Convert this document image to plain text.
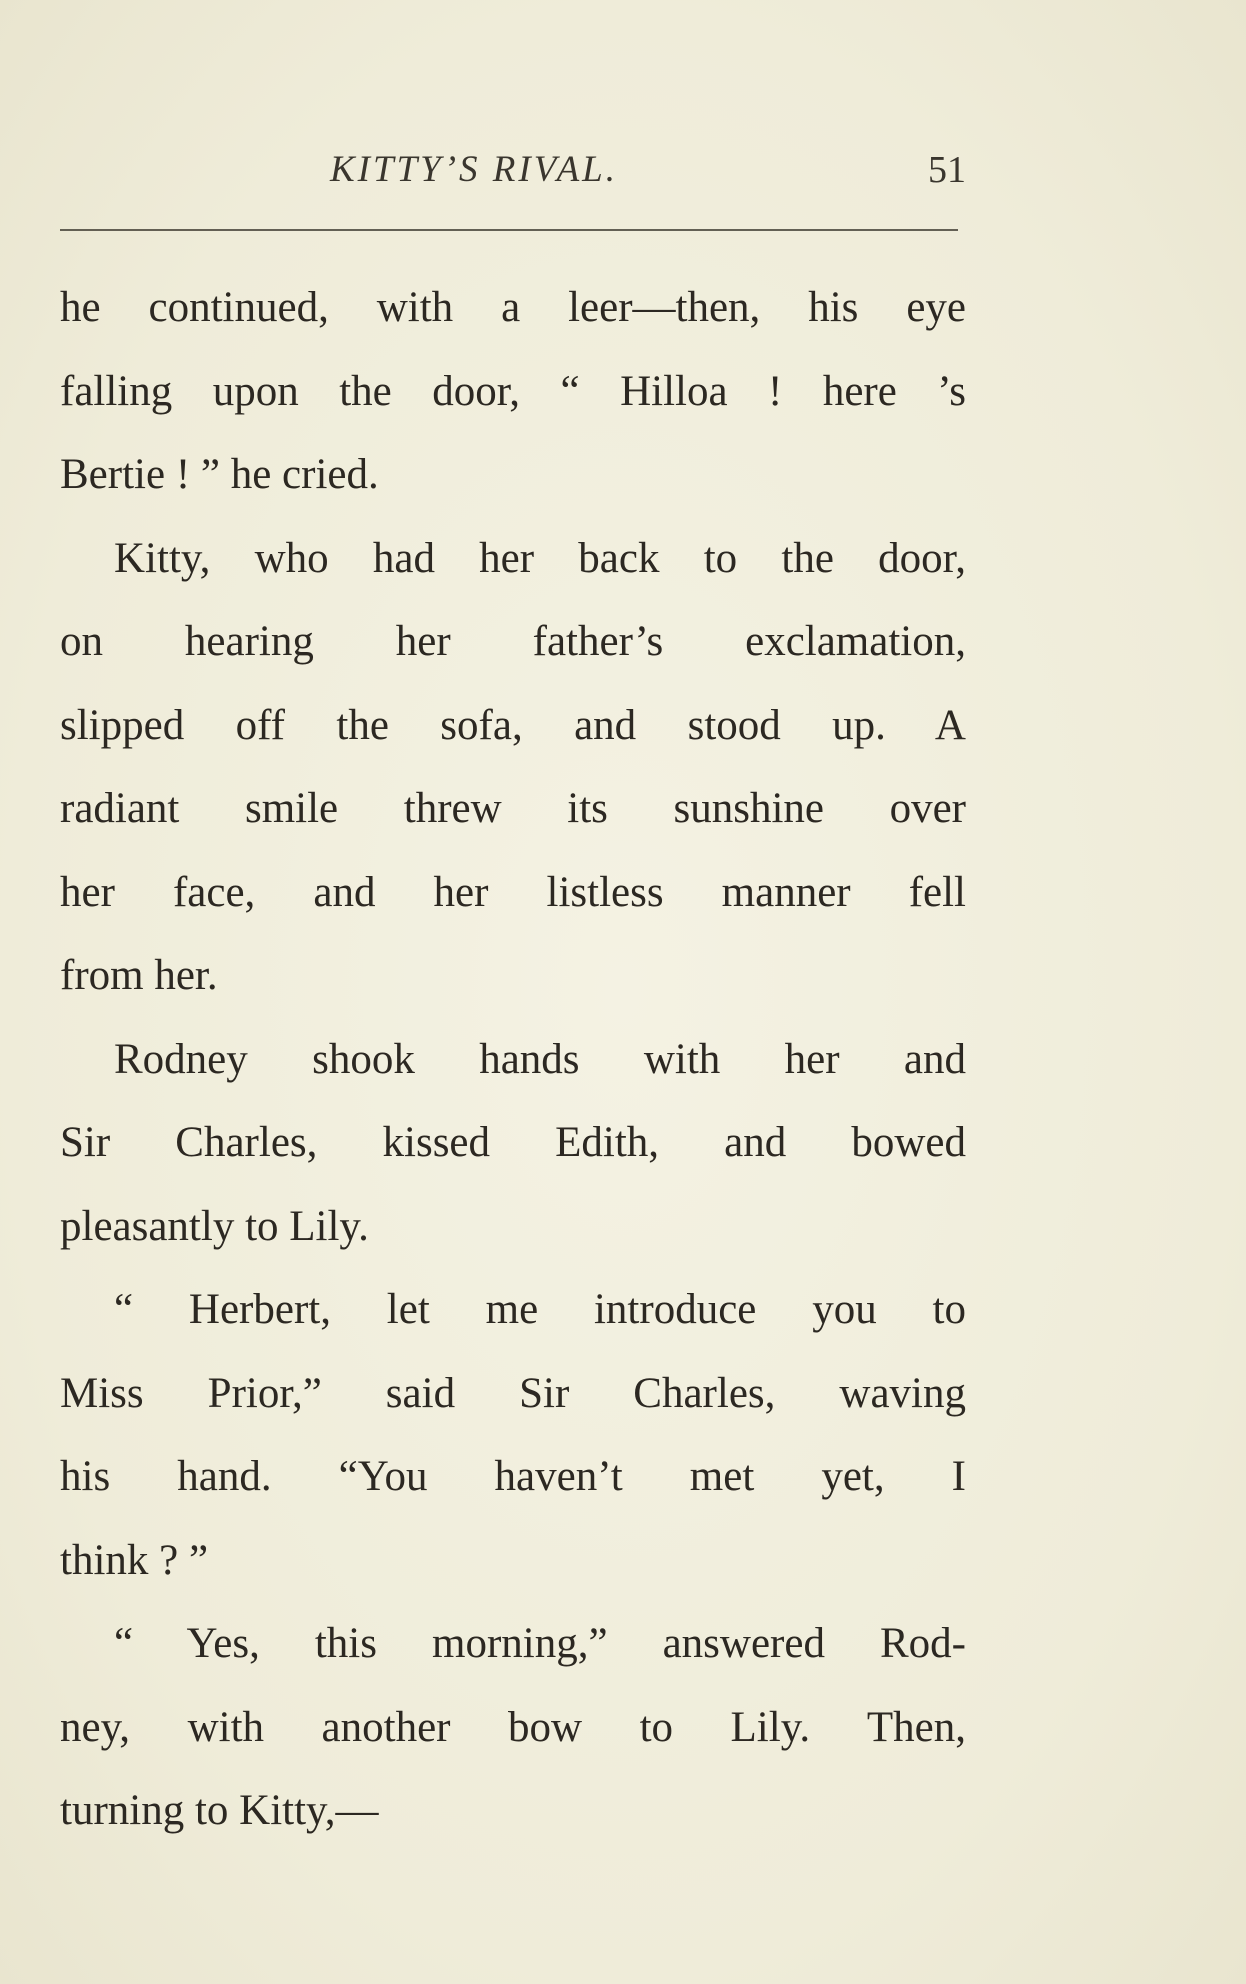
KITTY’S RIVAL.	51
he continued, with a leer—then, his eye
falling upon the door, “ Hilloa ! here ’s
Bertie ! ” he cried.
Kitty, who had her back to the door,
on hearing her father’s exclamation,
slipped off the sofa, and stood up. A
radiant smile threw its sunshine over
her face, and her listless manner fell
from her.
Rodney shook hands with her and
Sir Charles, kissed Edith, and bowed
pleasantly to Lily.
“ Herbert, let me introduce you to
Miss Prior,” said Sir Charles, waving
his hand. “You haven’t met yet, I
think ? ”
“ Yes, this morning,” answered Rod-
ney, with another bow to Lily. Then,
turning to Kitty,—
